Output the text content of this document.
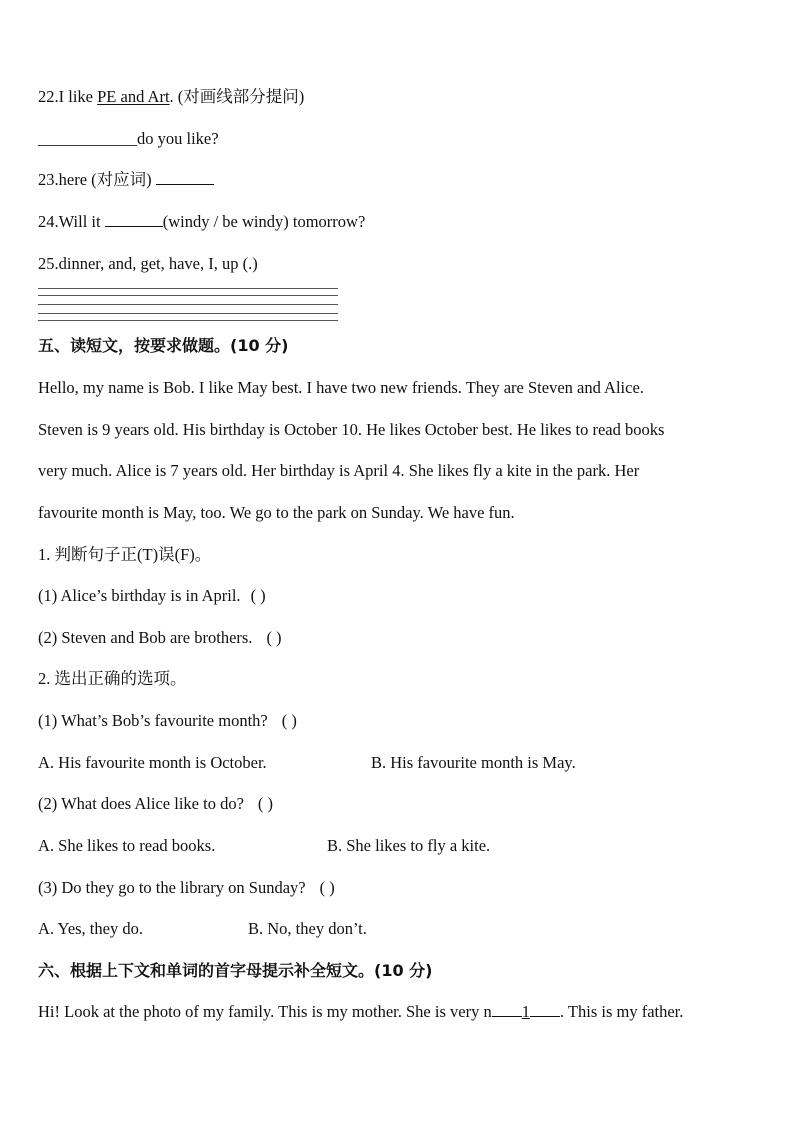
22.I like PE and Art. (对画线部分提问)
____________do you like?
23.here (对应词)
24.Will it	(windy / be windy) tomorrow?
25.dinner, and, get, have, I, up (.)
五、读短文，按要求做题。(10 分)
Hello, my name is Bob. I like May best. I have two new friends. They are Steven and Alice.
Steven is 9 years old. His birthday is October 10. He likes October best. He likes to read books
very much. Alice is 7 years old. Her birthday is April 4. She likes fly a kite in the park. Her
favourite month is May, too. We go to the park on Sunday. We have fun.
1. 判断句子正(T)误(F)。
(1) Alice’s birthday is in April. ( )
(2) Steven and Bob are brothers. ( )
2. 选出正确的选项。
(1) What’s Bob’s favourite month? ( )
A. His favourite month is October.	B. His favourite month is May.
(2) What does Alice like to do? ( )
A. She likes to read books.	B. She likes to fly a kite.
(3) Do they go to the library on Sunday? ( )
A. Yes, they do.	B. No, they don’t.
六、根据上下文和单词的首字母提示补全短文。(10 分)
Hi! Look at the photo of my family. This is my mother. She is very n 1 . This is my father.
